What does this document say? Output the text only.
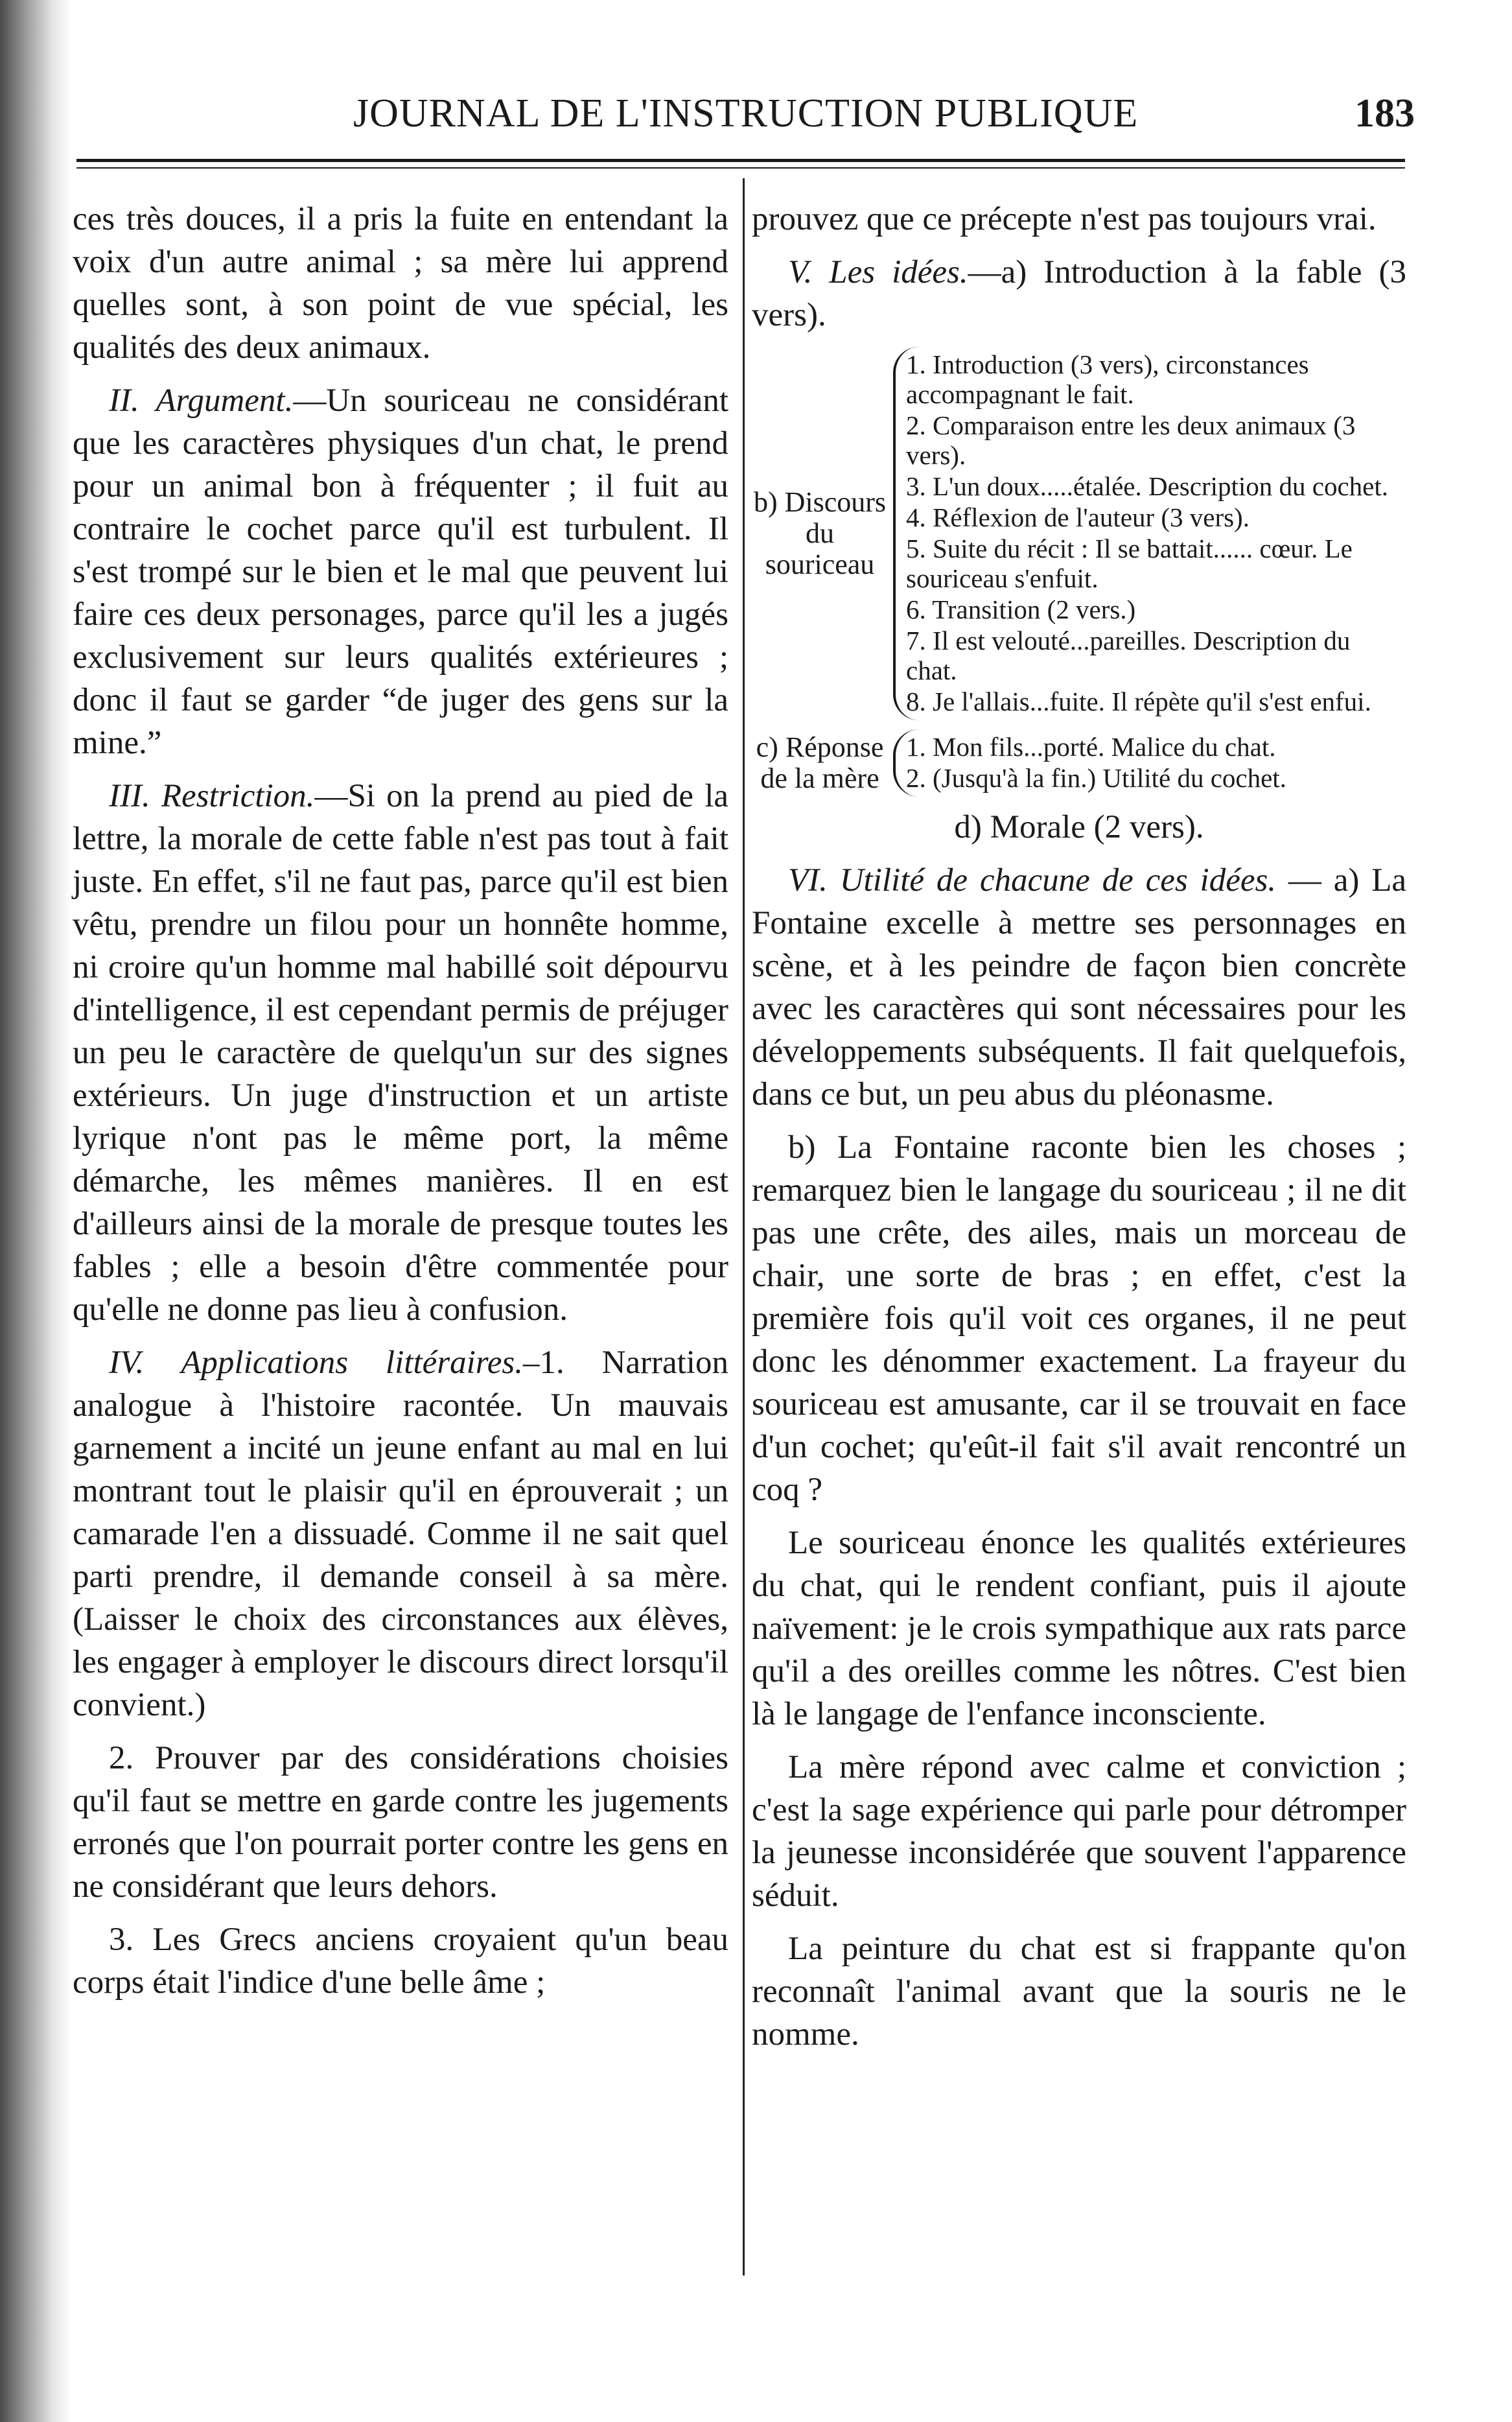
JOURNAL DE L'INSTRUCTION PUBLIQUE	183

ces très douces, il a pris la fuite en entendant la voix d'un autre animal ; sa mère lui apprend quelles sont, à son point de vue spécial, les qualités des deux animaux.

II. Argument.—Un souriceau ne considérant que les caractères physiques d'un chat, le prend pour un animal bon à fréquenter ; il fuit au contraire le cochet parce qu'il est turbulent. Il s'est trompé sur le bien et le mal que peuvent lui faire ces deux personages, parce qu'il les a jugés exclusivement sur leurs qualités extérieures ; donc il faut se garder “de juger des gens sur la mine.”

III. Restriction.—Si on la prend au pied de la lettre, la morale de cette fable n'est pas tout à fait juste. En effet, s'il ne faut pas, parce qu'il est bien vêtu, prendre un filou pour un honnête homme, ni croire qu'un homme mal habillé soit dépourvu d'intelligence, il est cependant permis de préjuger un peu le caractère de quelqu'un sur des signes extérieurs. Un juge d'instruction et un artiste lyrique n'ont pas le même port, la même démarche, les mêmes manières. Il en est d'ailleurs ainsi de la morale de presque toutes les fables ; elle a besoin d'être commentée pour qu'elle ne donne pas lieu à confusion.

IV. Applications littéraires.–1. Narration analogue à l'histoire racontée. Un mauvais garnement a incité un jeune enfant au mal en lui montrant tout le plaisir qu'il en éprouverait ; un camarade l'en a dissuadé. Comme il ne sait quel parti prendre, il demande conseil à sa mère. (Laisser le choix des circonstances aux élèves, les engager à employer le discours direct lorsqu'il convient.)

2. Prouver par des considérations choisies qu'il faut se mettre en garde contre les jugements erronés que l'on pourrait porter contre les gens en ne considérant que leurs dehors.

3. Les Grecs anciens croyaient qu'un beau corps était l'indice d'une belle âme ;

prouvez que ce précepte n'est pas toujours vrai.

V. Les idées.—a) Introduction à la fable (3 vers).

b) Discours du souriceau
1. Introduction (3 vers), circonstances accompagnant le fait.
2. Comparaison entre les deux animaux (3 vers).
3. L'un doux.....étalée. Description du cochet.
4. Réflexion de l'auteur (3 vers).
5. Suite du récit : Il se battait...... cœur. Le souriceau s'enfuit.
6. Transition (2 vers.)
7. Il est velouté...pareilles. Description du chat.
8. Je l'allais...fuite. Il répète qu'il s'est enfui.
c) Réponse de la mère
1. Mon fils...porté. Malice du chat.
2. (Jusqu'à la fin.) Utilité du cochet.

d) Morale (2 vers).

VI. Utilité de chacune de ces idées. — a) La Fontaine excelle à mettre ses personnages en scène, et à les peindre de façon bien concrète avec les caractères qui sont nécessaires pour les développements subséquents. Il fait quelquefois, dans ce but, un peu abus du pléonasme.

b) La Fontaine raconte bien les choses ; remarquez bien le langage du souriceau ; il ne dit pas une crête, des ailes, mais un morceau de chair, une sorte de bras ; en effet, c'est la première fois qu'il voit ces organes, il ne peut donc les dénommer exactement. La frayeur du souriceau est amusante, car il se trouvait en face d'un cochet; qu'eût-il fait s'il avait rencontré un coq ?

Le souriceau énonce les qualités extérieures du chat, qui le rendent confiant, puis il ajoute naïvement: je le crois sympathique aux rats parce qu'il a des oreilles comme les nôtres. C'est bien là le langage de l'enfance inconsciente.

La mère répond avec calme et conviction ; c'est la sage expérience qui parle pour détromper la jeunesse inconsidérée que souvent l'apparence séduit.

La peinture du chat est si frappante qu'on reconnaît l'animal avant que la souris ne le nomme.
